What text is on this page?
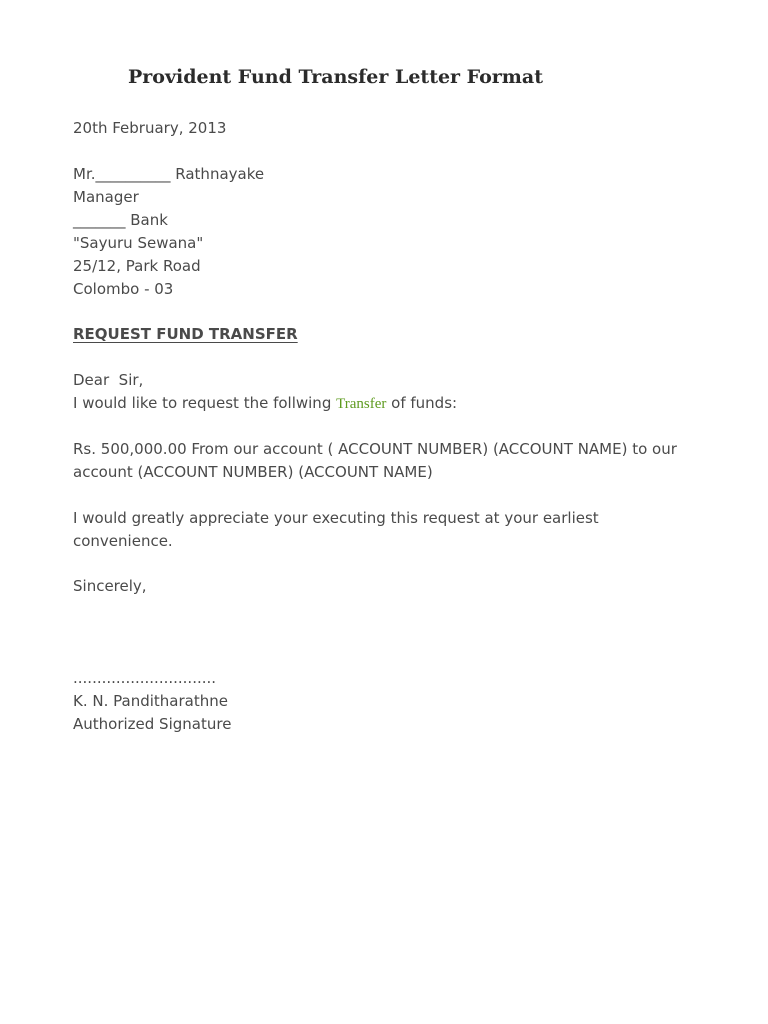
Provident Fund Transfer Letter Format
20th February, 2013
Mr.__________ Rathnayake
Manager
_______ Bank
"Sayuru Sewana"
25/12, Park Road
Colombo - 03
REQUEST FUND TRANSFER
Dear  Sir,
I would like to request the follwing Transfer of funds:
Rs. 500,000.00 From our account ( ACCOUNT NUMBER) (ACCOUNT NAME) to our account (ACCOUNT NUMBER) (ACCOUNT NAME)
I would greatly appreciate your executing this request at your earliest convenience.
Sincerely,
..............................
K. N. Panditharathne
Authorized Signature
